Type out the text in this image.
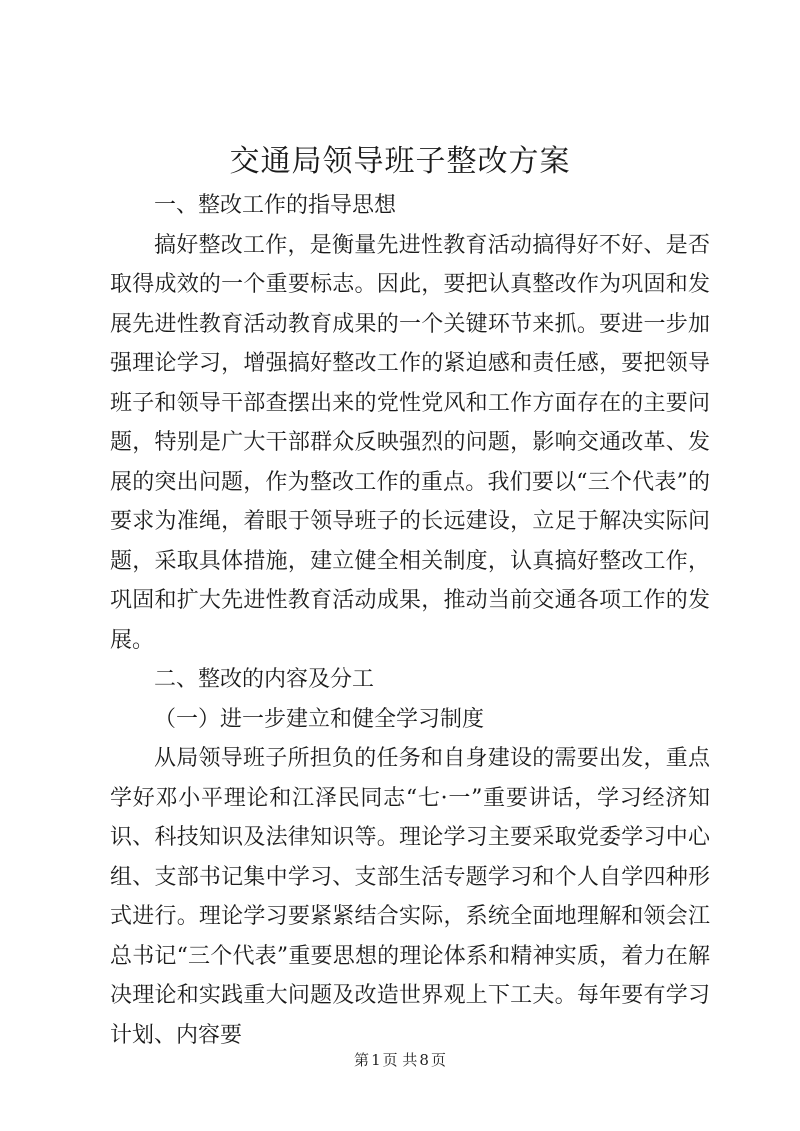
交通局领导班子整改方案

一、整改工作的指导思想

搞好整改工作，是衡量先进性教育活动搞得好不好、是否取得成效的一个重要标志。因此，要把认真整改作为巩固和发展先进性教育活动教育成果的一个关键环节来抓。要进一步加强理论学习，增强搞好整改工作的紧迫感和责任感，要把领导班子和领导干部查摆出来的党性党风和工作方面存在的主要问题，特别是广大干部群众反映强烈的问题，影响交通改革、发展的突出问题，作为整改工作的重点。我们要以“三个代表”的要求为准绳，着眼于领导班子的长远建设，立足于解决实际问题，采取具体措施，建立健全相关制度，认真搞好整改工作，巩固和扩大先进性教育活动成果，推动当前交通各项工作的发展。

二、整改的内容及分工

（一）进一步建立和健全学习制度

从局领导班子所担负的任务和自身建设的需要出发，重点学好邓小平理论和江泽民同志“七·一”重要讲话，学习经济知识、科技知识及法律知识等。理论学习主要采取党委学习中心组、支部书记集中学习、支部生活专题学习和个人自学四种形式进行。理论学习要紧紧结合实际，系统全面地理解和领会江总书记“三个代表”重要思想的理论体系和精神实质，着力在解决理论和实践重大问题及改造世界观上下工夫。每年要有学习计划、内容要

第 1 页 共 8 页
